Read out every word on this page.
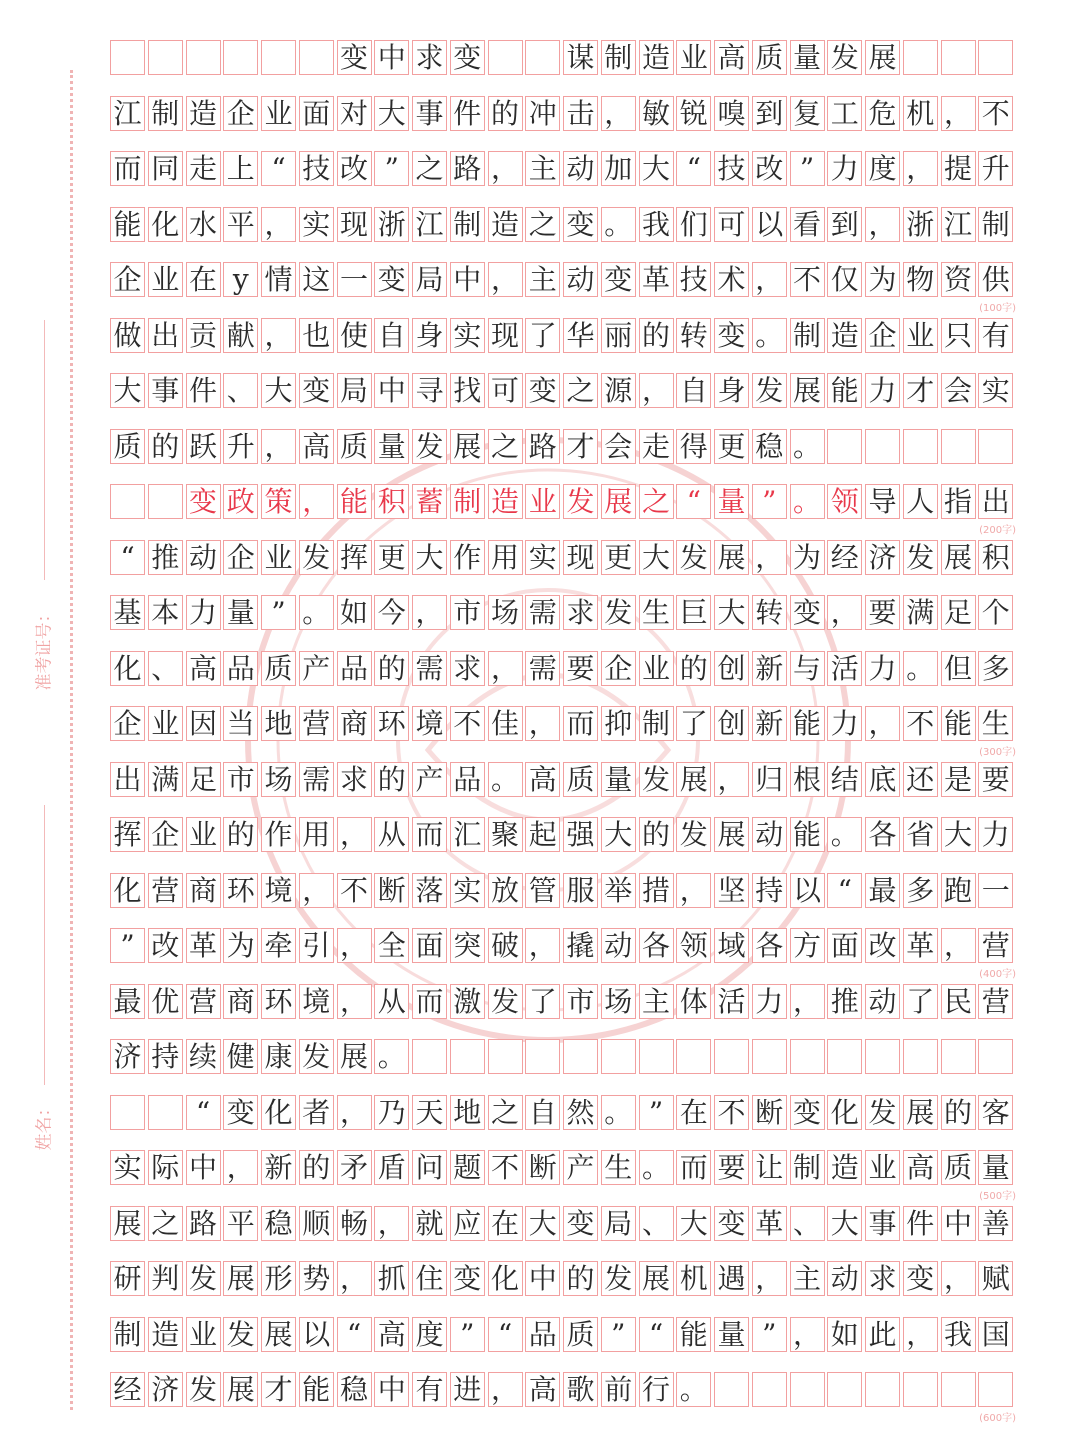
准考证号：
姓名：
变 中 求 变	谋 制 造 业 高 质 量 发 展
江 制 造 企 业 面 对 大 事 件 的 冲 击 ， 敏 锐 嗅 到 复 工 危 机 ， 不
而 同 走 上 “ 技 改 ” 之 路 ， 主 动 加 大 “ 技 改 ” 力 度 ， 提 升
能 化 水 平 ， 实 现 浙 江 制 造 之 变 。 我 们 可 以 看 到 ， 浙 江 制
企 业 在 y 情 这 一 变 局 中 ， 主 动 变 革 技 术 ， 不 仅 为 物 资 供
(100字)
做 出 贡 献 ， 也 使 自 身 实 现 了 华 丽 的 转 变 。 制 造 企 业 只 有
大 事 件 、 大 变 局 中 寻 找 可 变 之 源 ， 自 身 发 展 能 力 才 会 实
质 的 跃 升 ， 高 质 量 发 展 之 路 才 会 走 得 更 稳 。
变 政 策 ， 能 积 蓄 制 造 业 发 展 之 “ 量 ” 。 领 导 人 指 出
(200字)
“ 推 动 企 业 发 挥 更 大 作 用 实 现 更 大 发 展 ， 为 经 济 发 展 积
基 本 力 量 ” 。 如 今 ， 市 场 需 求 发 生 巨 大 转 变 ， 要 满 足 个
化 、 高 品 质 产 品 的 需 求 ， 需 要 企 业 的 创 新 与 活 力 。 但 多
企 业 因 当 地 营 商 环 境 不 佳 ， 而 抑 制 了 创 新 能 力 ， 不 能 生
(300字)
出 满 足 市 场 需 求 的 产 品 。 高 质 量 发 展 ， 归 根 结 底 还 是 要
挥 企 业 的 作 用 ， 从 而 汇 聚 起 强 大 的 发 展 动 能 。 各 省 大 力
化 营 商 环 境 ， 不 断 落 实 放 管 服 举 措 ， 坚 持 以 “ 最 多 跑 一
” 改 革 为 牵 引 ， 全 面 突 破 ， 撬 动 各 领 域 各 方 面 改 革 ， 营
(400字)
最 优 营 商 环 境 ， 从 而 激 发 了 市 场 主 体 活 力 ， 推 动 了 民 营
济 持 续 健 康 发 展 。
“ 变 化 者 ， 乃 天 地 之 自 然 。 ” 在 不 断 变 化 发 展 的 客
实 际 中 ， 新 的 矛 盾 问 题 不 断 产 生 。 而 要 让 制 造 业 高 质 量
(500字)
展 之 路 平 稳 顺 畅 ， 就 应 在 大 变 局 、 大 变 革 、 大 事 件 中 善
研 判 发 展 形 势 ， 抓 住 变 化 中 的 发 展 机 遇 ， 主 动 求 变 ， 赋
制 造 业 发 展 以 “ 高 度 ” “ 品 质 ” “ 能 量 ” ， 如 此 ， 我 国
经 济 发 展 才 能 稳 中 有 进 ， 高 歌 前 行 。
(600字)
